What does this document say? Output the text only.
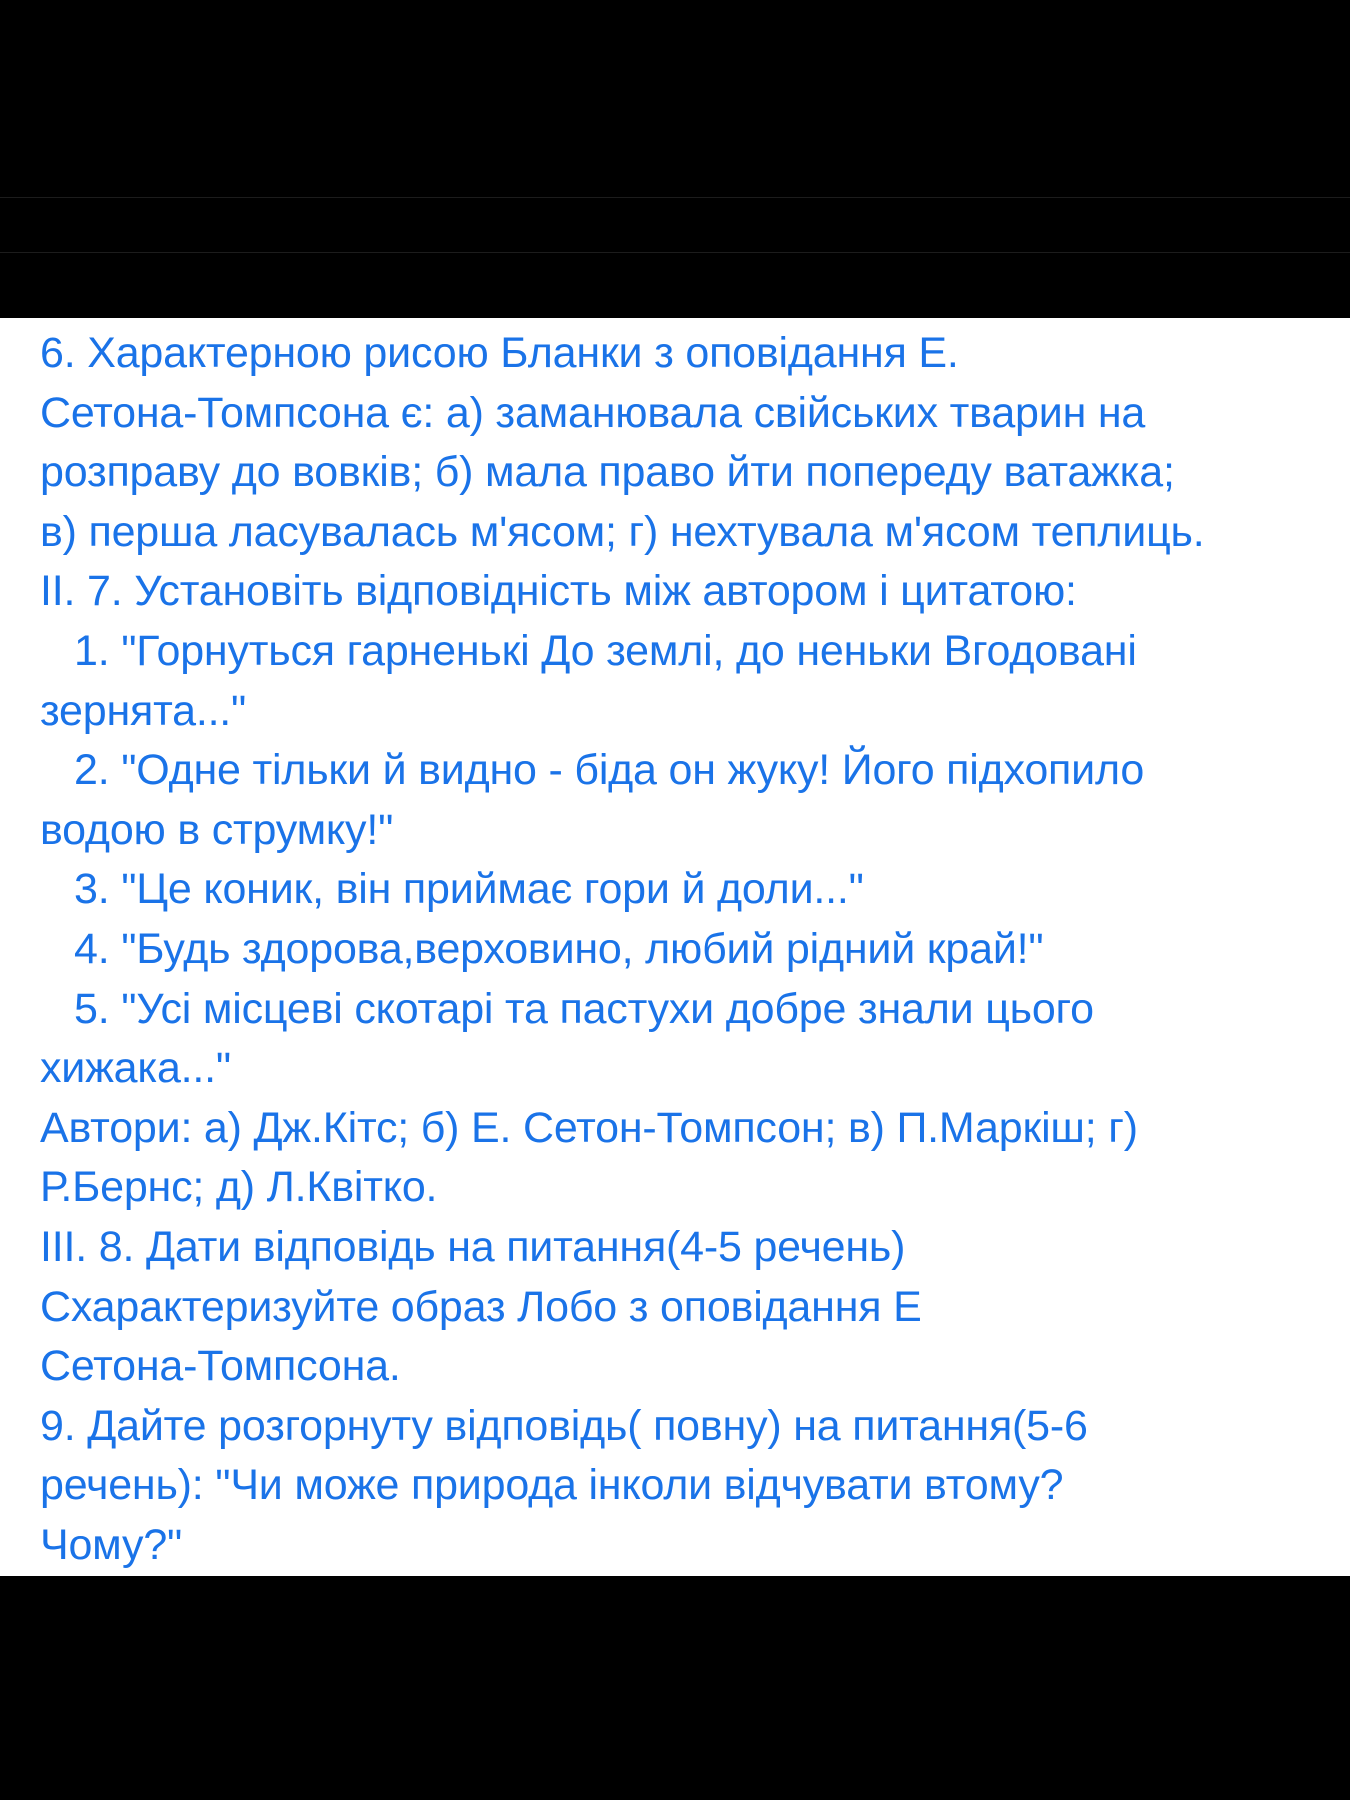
6. Характерною рисою Бланки з оповідання Е.
Сетона-Томпсона є: а) заманювала свійських тварин на
розправу до вовків; б) мала право йти попереду ватажка;
в) перша ласувалась м'ясом; г) нехтувала м'ясом теплиць.
ІІ. 7. Установіть відповідність між автором і цитатою:
1. "Горнуться гарненькі До землі, до неньки Вгодовані
зернята..."
2. "Одне тільки й видно - біда он жуку! Його підхопило
водою в струмку!"
3. "Це коник, він приймає гори й доли..."
4. "Будь здорова,верховино, любий рідний край!"
5. "Усі місцеві скотарі та пастухи добре знали цього
хижака..."
Автори: а) Дж.Кітс; б) Е. Сетон-Томпсон; в) П.Маркіш; г)
Р.Бернс; д) Л.Квітко.
ІІІ. 8. Дати відповідь на питання(4-5 речень)
Схарактеризуйте образ Лобо з оповідання Е
Сетона-Томпсона.
9. Дайте розгорнуту відповідь( повну) на питання(5-6
речень): "Чи може природа інколи відчувати втому?
Чому?"
